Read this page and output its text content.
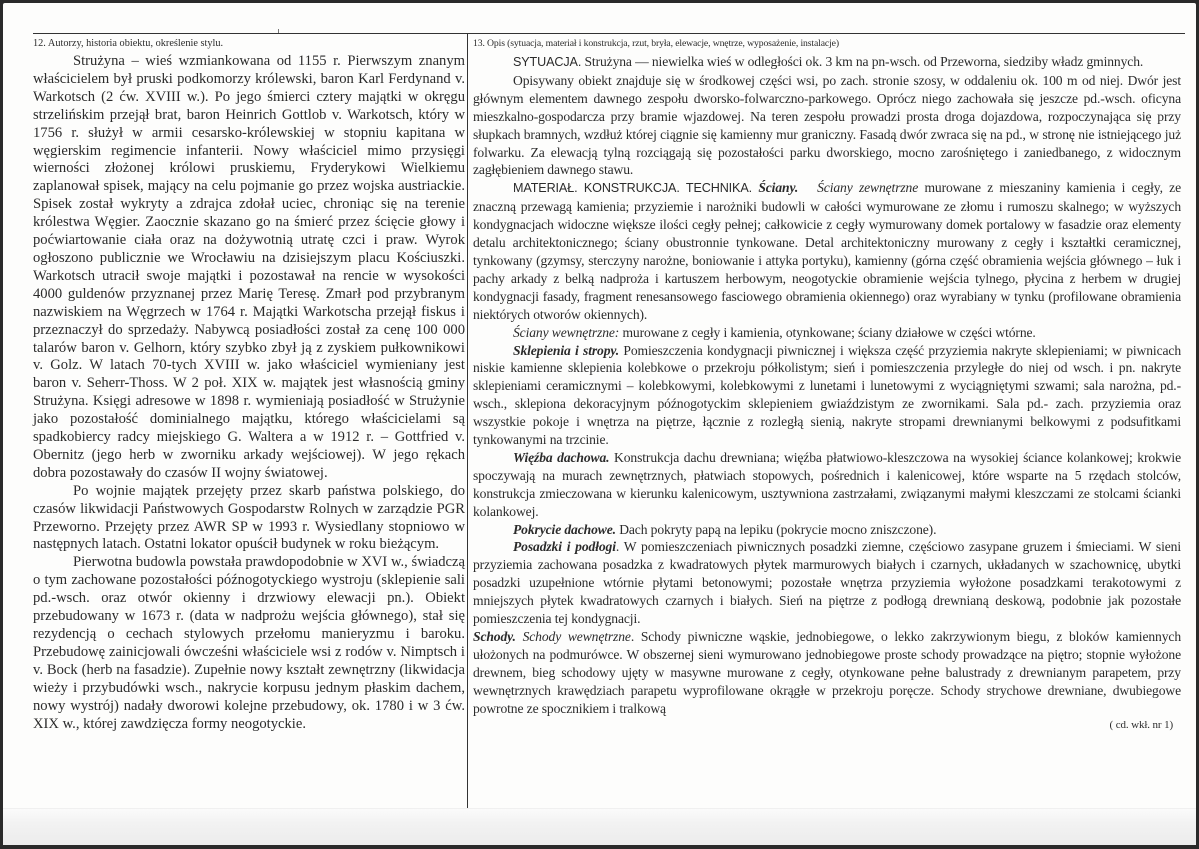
12. Autorzy, historia obiektu, określenie stylu.

Strużyna – wieś wzmiankowana od 1155 r. Pierwszym znanym właścicielem był pruski podkomorzy królewski, baron Karl Ferdynand v. Warkotsch (2 ćw. XVIII w.). Po jego śmierci cztery majątki w okręgu strzelińskim przejął brat, baron Heinrich Gottlob v. Warkotsch, który w 1756 r. służył w armii cesarsko-królewskiej w stopniu kapitana w węgierskim regimencie infanterii. Nowy właściciel mimo przysięgi wierności złożonej królowi pruskiemu, Fryderykowi Wielkiemu zaplanował spisek, mający na celu pojmanie go przez wojska austriackie. Spisek został wykryty a zdrajca zdołał uciec, chroniąc się na terenie królestwa Węgier. Zaocznie skazano go na śmierć przez ścięcie głowy i poćwiartowanie ciała oraz na dożywotnią utratę czci i praw. Wyrok ogłoszono publicznie we Wrocławiu na dzisiejszym placu Kościuszki. Warkotsch utracił swoje majątki i pozostawał na rencie w wysokości 4000 guldenów przyznanej przez Marię Teresę. Zmarł pod przybranym nazwiskiem na Węgrzech w 1764 r. Majątki Warkotscha przejął fiskus i przeznaczył do sprzedaży. Nabywcą posiadłości został za cenę 100 000 talarów baron v. Gelhorn, który szybko zbył ją z zyskiem pułkownikowi v. Golz. W latach 70-tych XVIII w. jako właściciel wymieniany jest baron v. Seherr-Thoss. W 2 poł. XIX w. majątek jest własnością gminy Strużyna. Księgi adresowe w 1898 r. wymieniają posiadłość w Strużynie jako pozostałość dominialnego majątku, którego właścicielami są spadkobiercy radcy miejskiego G. Waltera a w 1912 r. – Gottfried v. Obernitz (jego herb w zworniku arkady wejściowej). W jego rękach dobra pozostawały do czasów II wojny światowej.

Po wojnie majątek przejęty przez skarb państwa polskiego, do czasów likwidacji Państwowych Gospodarstw Rolnych w zarządzie PGR Przeworno. Przejęty przez AWR SP w 1993 r. Wysiedlany stopniowo w następnych latach. Ostatni lokator opuścił budynek w roku bieżącym.

Pierwotna budowla powstała prawdopodobnie w XVI w., świadczą o tym zachowane pozostałości późnogotyckiego wystroju (sklepienie sali pd.-wsch. oraz otwór okienny i drzwiowy elewacji pn.). Obiekt przebudowany w 1673 r. (data w nadprożu wejścia głównego), stał się rezydencją o cechach stylowych przełomu manieryzmu i baroku. Przebudowę zainicjowali ówcześni właściciele wsi z rodów v. Nimptsch i v. Bock (herb na fasadzie). Zupełnie nowy kształt zewnętrzny (likwidacja wieży i przybudówki wsch., nakrycie korpusu jednym płaskim dachem, nowy wystrój) nadały dworowi kolejne przebudowy, ok. 1780 i w 3 ćw. XIX w., której zawdzięcza formy neogotyckie.

13. Opis (sytuacja, materiał i konstrukcja, rzut, bryła, elewacje, wnętrze, wyposażenie, instalacje)

SYTUACJA. Strużyna — niewielka wieś w odległości ok. 3 km na pn-wsch. od Przeworna, siedziby władz gminnych.

Opisywany obiekt znajduje się w środkowej części wsi, po zach. stronie szosy, w oddaleniu ok. 100 m od niej. Dwór jest głównym elementem dawnego zespołu dworsko-folwarczno-parkowego. Oprócz niego zachowała się jeszcze pd.-wsch. oficyna mieszkalno-gospodarcza przy bramie wjazdowej. Na teren zespołu prowadzi prosta droga dojazdowa, rozpoczynająca się przy słupkach bramnych, wzdłuż której ciągnie się kamienny mur graniczny. Fasadą dwór zwraca się na pd., w stronę nie istniejącego już folwarku. Za elewacją tylną rozciągają się pozostałości parku dworskiego, mocno zarośniętego i zaniedbanego, z widocznym zagłębieniem dawnego stawu.

MATERIAŁ. KONSTRUKCJA. TECHNIKA. Ściany. Ściany zewnętrzne murowane z mieszaniny kamienia i cegły, ze znaczną przewagą kamienia; przyziemie i narożniki budowli w całości wymurowane ze złomu i rumoszu skalnego; w wyższych kondygnacjach widoczne większe ilości cegły pełnej; całkowicie z cegły wymurowany domek portalowy w fasadzie oraz elementy detalu architektonicznego; ściany obustronnie tynkowane. Detal architektoniczny murowany z cegły i kształtki ceramicznej, tynkowany (gzymsy, sterczyny narożne, boniowanie i attyka portyku), kamienny (górna część obramienia wejścia głównego – łuk i pachy arkady z belką nadproża i kartuszem herbowym, neogotyckie obramienie wejścia tylnego, płycina z herbem w drugiej kondygnacji fasady, fragment renesansowego fasciowego obramienia okiennego) oraz wyrabiany w tynku (profilowane obramienia niektórych otworów okiennych).

Ściany wewnętrzne: murowane z cegły i kamienia, otynkowane; ściany działowe w części wtórne.

Sklepienia i stropy. Pomieszczenia kondygnacji piwnicznej i większa część przyziemia nakryte sklepieniami; w piwnicach niskie kamienne sklepienia kolebkowe o przekroju półkolistym; sień i pomieszczenia przyległe do niej od wsch. i pn. nakryte sklepieniami ceramicznymi – kolebkowymi, kolebkowymi z lunetami i lunetowymi z wyciągniętymi szwami; sala narożna, pd.-wsch., sklepiona dekoracyjnym późnogotyckim sklepieniem gwiaździstym ze zwornikami. Sala pd.- zach. przyziemia oraz wszystkie pokoje i wnętrza na piętrze, łącznie z rozległą sienią, nakryte stropami drewnianymi belkowymi z podsufitkami tynkowanymi na trzcinie.

Więźba dachowa. Konstrukcja dachu drewniana; więźba płatwiowo-kleszczowa na wysokiej ściance kolankowej; krokwie spoczywają na murach zewnętrznych, płatwiach stopowych, pośrednich i kalenicowej, które wsparte na 5 rzędach stolców, konstrukcja zmieczowana w kierunku kalenicowym, usztywniona zastrzałami, związanymi małymi kleszczami ze stolcami ścianki kolankowej.

Pokrycie dachowe. Dach pokryty papą na lepiku (pokrycie mocno zniszczone).

Posadzki i podłogi. W pomieszczeniach piwnicznych posadzki ziemne, częściowo zasypane gruzem i śmieciami. W sieni przyziemia zachowana posadzka z kwadratowych płytek marmurowych białych i czarnych, układanych w szachownicę, ubytki posadzki uzupełnione wtórnie płytami betonowymi; pozostałe wnętrza przyziemia wyłożone posadzkami terakotowymi z mniejszych płytek kwadratowych czarnych i białych. Sień na piętrze z podłogą drewnianą deskową, podobnie jak pozostałe pomieszczenia tej kondygnacji.

Schody. Schody wewnętrzne. Schody piwniczne wąskie, jednobiegowe, o lekko zakrzywionym biegu, z bloków kamiennych ułożonych na podmurówce. W obszernej sieni wymurowano jednobiegowe proste schody prowadzące na piętro; stopnie wyłożone drewnem, bieg schodowy ujęty w masywne murowane z cegły, otynkowane pełne balustrady z drewnianym parapetem, przy wewnętrznych krawędziach parapetu wyprofilowane okrągłe w przekroju poręcze. Schody strychowe drewniane, dwubiegowe powrotne ze spocznikiem i tralkową

( cd. wkł. nr 1)
